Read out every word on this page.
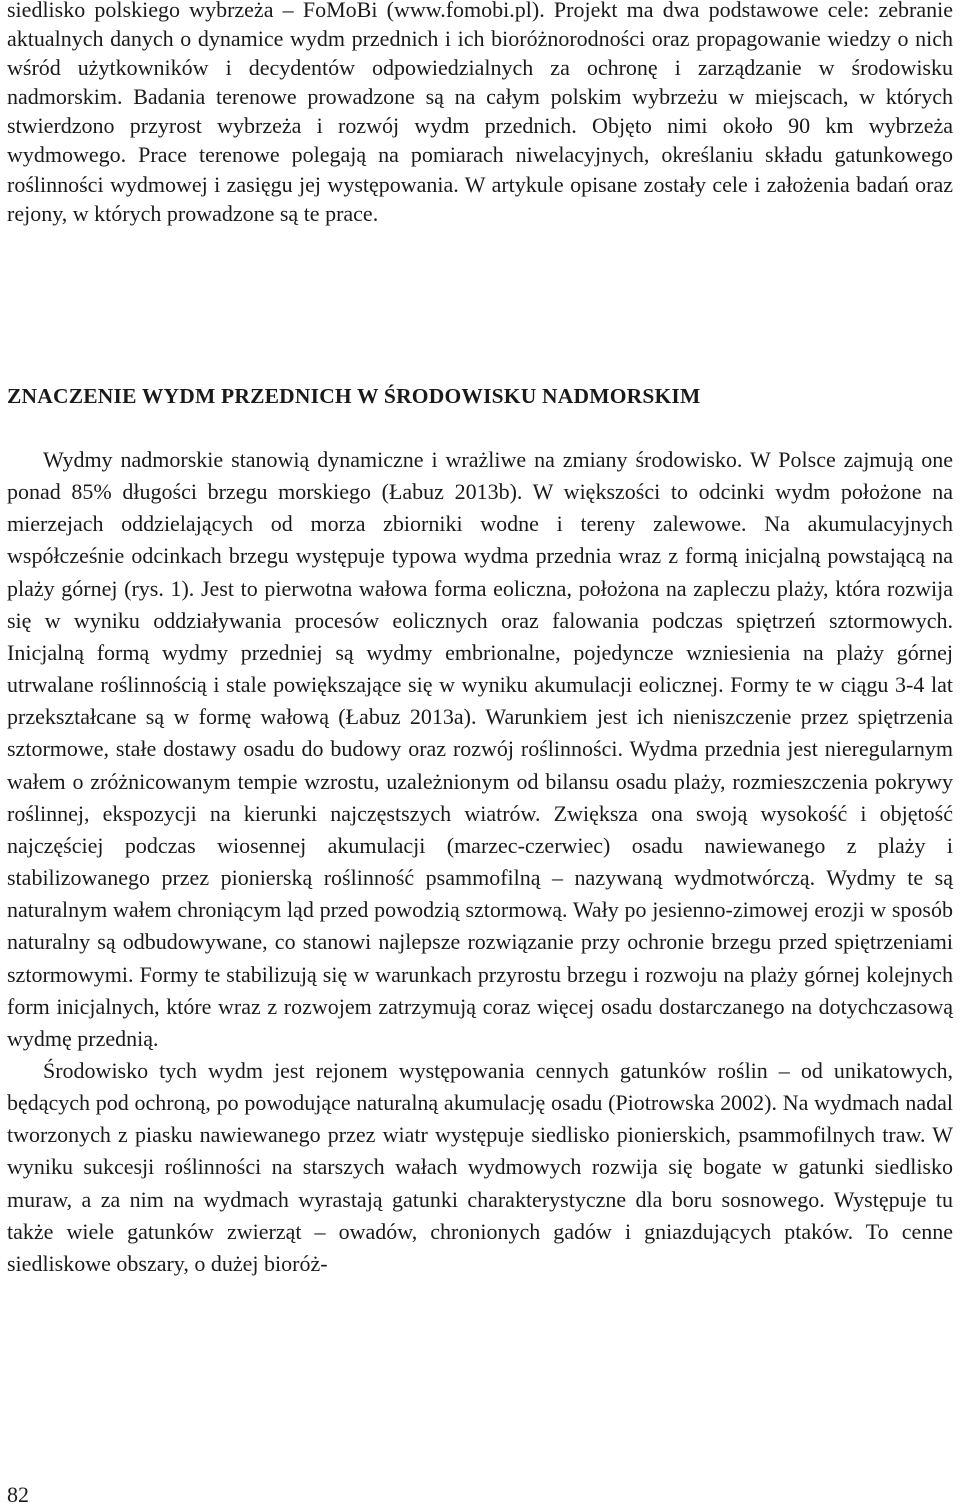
siedlisko polskiego wybrzeża – FoMoBi (www.fomobi.pl). Projekt ma dwa podstawowe cele: zebranie aktualnych danych o dynamice wydm przednich i ich bioróżnorodności oraz propagowanie wiedzy o nich wśród użytkowników i decydentów odpowiedzialnych za ochronę i zarządzanie w środowisku nadmorskim. Badania terenowe prowadzone są na całym polskim wybrzeżu w miejscach, w których stwierdzono przyrost wybrzeża i rozwój wydm przednich. Objęto nimi około 90 km wybrzeża wydmowego. Prace terenowe polegają na pomiarach niwelacyjnych, określaniu składu gatunkowego roślinności wydmowej i zasięgu jej występowania. W artykule opisane zostały cele i założenia badań oraz rejony, w których prowadzone są te prace.

ZNACZENIE WYDM PRZEDNICH W ŚRODOWISKU NADMORSKIM

Wydmy nadmorskie stanowią dynamiczne i wrażliwe na zmiany środowisko. W Polsce zajmują one ponad 85% długości brzegu morskiego (Łabuz 2013b). W większości to odcinki wydm położone na mierzejach oddzielających od morza zbiorniki wodne i tereny zalewowe. Na akumulacyjnych współcześnie odcinkach brzegu występuje typowa wydma przednia wraz z formą inicjalną powstającą na plaży górnej (rys. 1). Jest to pierwotna wałowa forma eoliczna, położona na zapleczu plaży, która rozwija się w wyniku oddziaływania procesów eolicznych oraz falowania podczas spiętrzeń sztormowych. Inicjalną formą wydmy przedniej są wydmy embrionalne, pojedyncze wzniesienia na plaży górnej utrwalane roślinnością i stale powiększające się w wyniku akumulacji eolicznej. Formy te w ciągu 3-4 lat przekształcane są w formę wałową (Łabuz 2013a). Warunkiem jest ich nieniszczenie przez spiętrzenia sztormowe, stałe dostawy osadu do budowy oraz rozwój roślinności. Wydma przednia jest nieregularnym wałem o zróżnicowanym tempie wzrostu, uzależnionym od bilansu osadu plaży, rozmieszczenia pokrywy roślinnej, ekspozycji na kierunki najczęstszych wiatrów. Zwiększa ona swoją wysokość i objętość najczęściej podczas wiosennej akumulacji (marzec-czerwiec) osadu nawiewanego z plaży i stabilizowanego przez pionierską roślinność psammofilną – nazywaną wydmotwórczą. Wydmy te są naturalnym wałem chroniącym ląd przed powodzią sztormową. Wały po jesienno-zimowej erozji w sposób naturalny są odbudowywane, co stanowi najlepsze rozwiązanie przy ochronie brzegu przed spiętrzeniami sztormowymi. Formy te stabilizują się w warunkach przyrostu brzegu i rozwoju na plaży górnej kolejnych form inicjalnych, które wraz z rozwojem zatrzymują coraz więcej osadu dostarczanego na dotychczasową wydmę przednią.

Środowisko tych wydm jest rejonem występowania cennych gatunków roślin – od unikatowych, będących pod ochroną, po powodujące naturalną akumulację osadu (Piotrowska 2002). Na wydmach nadal tworzonych z piasku nawiewanego przez wiatr występuje siedlisko pionierskich, psammofilnych traw. W wyniku sukcesji roślinności na starszych wałach wydmowych rozwija się bogate w gatunki siedlisko muraw, a za nim na wydmach wyrastają gatunki charakterystyczne dla boru sosnowego. Występuje tu także wiele gatunków zwierząt – owadów, chronionych gadów i gniazdujących ptaków. To cenne siedliskowe obszary, o dużej bioróż-

82
